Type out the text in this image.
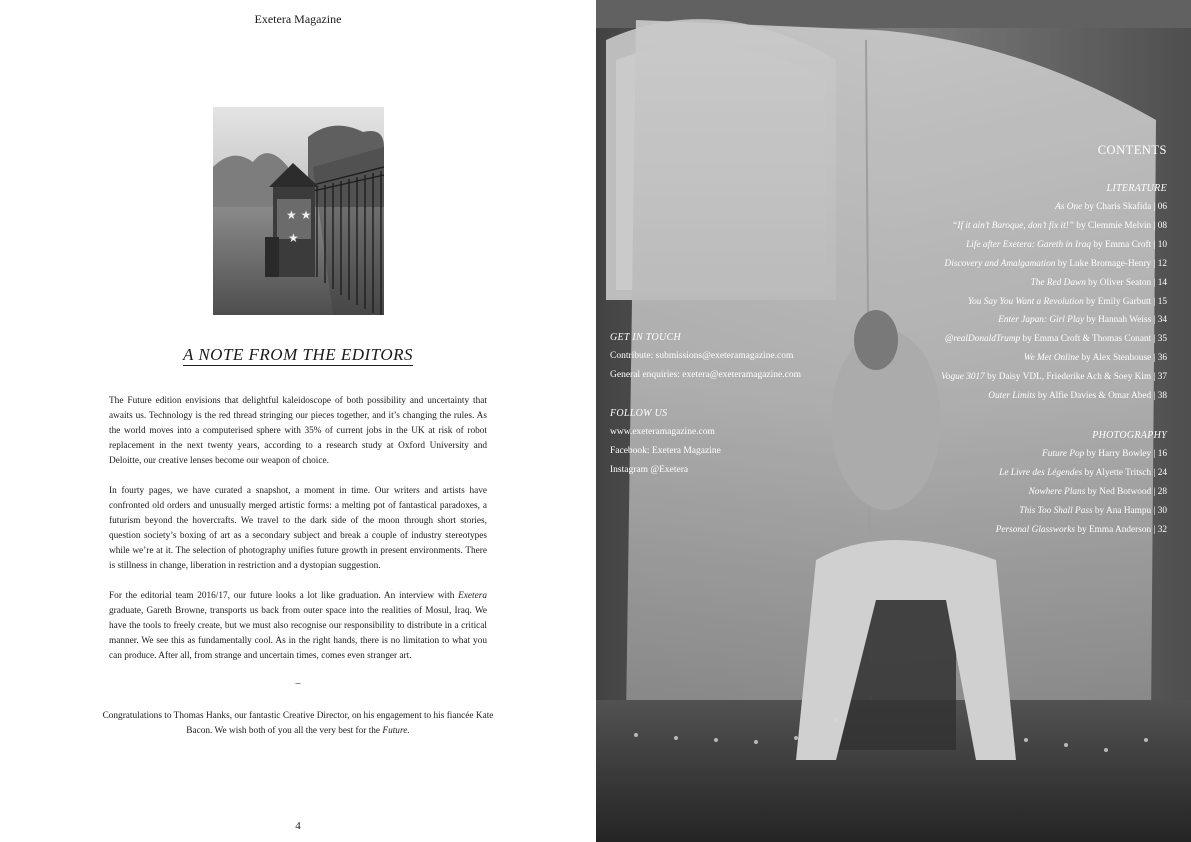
Exetera Magazine
★ ★
★
A NOTE FROM THE EDITORS
The Future edition envisions that delightful kaleidoscope of both possibility and uncertainty that awaits us. Technology is the red thread stringing our pieces together, and it’s changing the rules. As the world moves into a computerised sphere with 35% of current jobs in the UK at risk of robot replacement in the next twenty years, according to a research study at Oxford University and Deloitte, our creative lenses become our weapon of choice.
In fourty pages, we have curated a snapshot, a moment in time. Our writers and artists have confronted old orders and unusually merged artistic forms: a melting pot of fantastical paradoxes, a futurism beyond the hovercrafts. We travel to the dark side of the moon through short stories, question society’s boxing of art as a secondary subject and break a couple of industry stereotypes while we’re at it. The selection of photography unifies future growth in present environments. There is stillness in change, liberation in restriction and a dystopian suggestion.
For the editorial team 2016/17, our future looks a lot like graduation. An interview with Exetera graduate, Gareth Browne, transports us back from outer space into the realities of Mosul, Iraq. We have the tools to freely create, but we must also recognise our responsibility to distribute in a critical manner. We see this as fundamentally cool. As in the right hands, there is no limitation to what you can produce. After all, from strange and uncertain times, comes even stranger art.
–
Congratulations to Thomas Hanks, our fantastic Creative Director, on his engagement to his fiancée Kate Bacon. We wish both of you all the very best for the Future.
4
CONTENTS
LITERATURE
As One by Charis Skafida | 06
“If it ain’t Baroque, don’t fix it!” by Clemmie Melvin | 08
Life after Exetera: Gareth in Iraq by Emma Croft | 10
Discovery and Amalgamation by Luke Bromage-Henry | 12
The Red Dawn by Oliver Seaton | 14
You Say You Want a Revolution by Emily Garbutt | 15
Enter Japan: Girl Play by Hannah Weiss | 34
@realDonaldTrump by Emma Croft & Thomas Conant | 35
We Met Online by Alex Stenhouse | 36
Vogue 3017 by Daisy VDL, Friederike Ach & Soey Kim | 37
Outer Limits by Alfie Davies & Omar Abed | 38
PHOTOGRAPHY
Future Pop by Harry Bowley | 16
Le Livre des Légendes by Alyette Tritsch | 24
Nowhere Plans by Ned Botwood | 28
This Too Shall Pass by Ana Hampu | 30
Personal Glassworks by Emma Anderson | 32
GET IN TOUCH
Contribute: submissions@exeteramagazine.com
General enquiries: exetera@exeteramagazine.com
FOLLOW US
www.exeteramagazine.com
Facebook: Exetera Magazine
Instagram @Exetera
